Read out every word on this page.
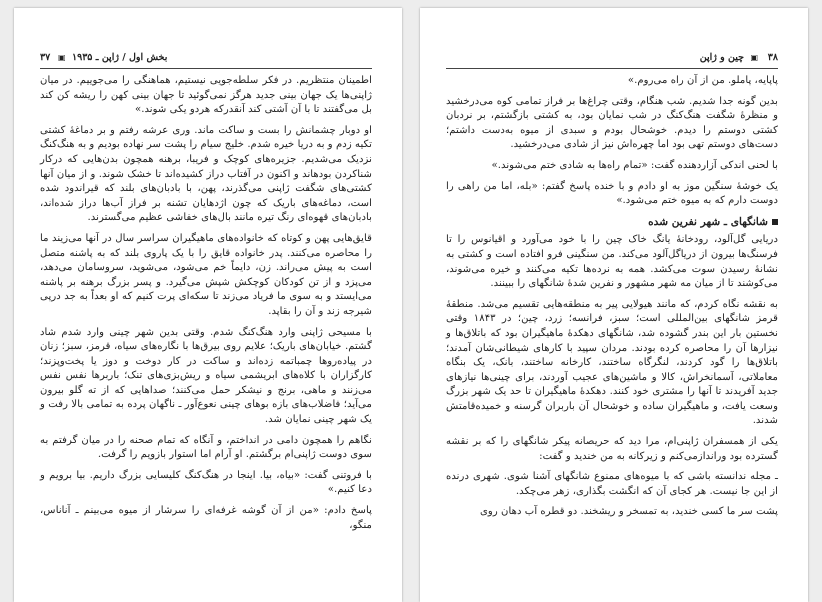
۳۷ ▣ بخش اول / ژاپن ـ ۱۹۳۵

اطمینان منتظریم. در فکر سلطه‌جویی نیستیم، هماهنگی را می‌جوییم. در میان ژاپنی‌ها یک جهان بینی جدید هرگز نمی‌گوئید تا جهان بینی کهن را ریشه کن کند بل می‌گفتند تا با آن آشتی کند آنقدرکه هردو یکی شوند.»

او دوبار چشمانش را بست و ساکت ماند. وری عرشه رفتم و بر دماغهٔ کشتی تکیه زدم و به دریا خیره شدم. خلیج سیام را پشت سر نهاده بودیم و به هنگ‌کنگ نزدیک می‌شدیم. جزیره‌های کوچک و فریبا، برهنه همچون بدن‌هایی که درکار شناکردن بودهاند و اکنون در آفتاب دراز کشیده‌اند تا خشک شوند. و از میان آنها کشتی‌های شگفت ژاپنی می‌گذرند، پهن، با بادبان‌های بلند که قیراندود شده است، دماغه‌های باریک که چون اژدهایان تشنه بر فراز آب‌ها دراز شده‌اند، بادبان‌های قهوه‌ای رنگ تیره مانند بال‌های خفاشی عظیم می‌گسترند.

قایق‌هایی پهن و کوتاه که خانواده‌های ماهیگیران سراسر سال در آنها می‌زیند ما را محاصره می‌کنند. پدر خانواده قایق را با یک پاروی بلند که به پاشنه متصل است به پیش می‌راند. زن، دایماً خم می‌شود، می‌شوید، سروسامان می‌دهد، می‌پزد و از تن کودکان کوچکش شپش می‌گیرد. و پسر بزرگ برهنه بر پاشنه می‌ایستد و به سوی ما فریاد می‌زند تا سکه‌ای پرت کنیم که او بعداً به جد درپی شیرجه زند و آن را بقاپد.

با مسیحی ژاپنی وارد هنگ‌کنگ شدم. وقتی بدین شهر چینی وارد شدم شاد گشتم. خیابان‌های باریک؛ علایم روی بیرق‌ها با نگاره‌های سیاه، قرمز، سبز؛ زنان در پیاده‌روها چمباتمه زده‌اند و ساکت در کار دوخت و دوز یا پخت‌وپزند؛ کارگزاران با کلاه‌های ابریشمی سیاه و ریش‌بزی‌های تنک؛ باربرها نفس نفس می‌زنند و ماهی، برنج و نیشکر حمل می‌کنند؛ صداهایی که از ته گلو بیرون می‌آید؛ فاضلاب‌های بازه بوهای چینی نعوع‌آور ـ ناگهان پرده به تمامی بالا رفت و یک شهر چینی نمایان شد.

نگاهم را همچون دامی در انداختم، و آنگاه که تمام صحنه را در میان گرفتم به سوی دوست ژاپنی‌ام برگشتم. او آرام اما استوار بازویم را گرفت.

با فروتنی گفت: «بیاه، بیا. اینجا در هنگ‌کنگ کلیسایی بزرگ داریم. بیا برویم و دعا کنیم.»

پاسخ دادم: «من از آن گوشه غرفه‌ای را سرشار از میوه می‌بینم ـ آناناس، منگو،

۳۸
▣
چین و ژاپن

پاپایه، پاملو. من از آن راه می‌روم.»

بدین گونه جدا شدیم. شب هنگام، وقتی چراغ‌ها بر فراز تمامی کوه می‌درخشید و منظرهٔ شگفت هنگ‌کنگ در شب نمایان بود، به کشتی بازگشتم، بر نردبان کشتی دوستم را دیدم. خوشحال بودم و سبدی از میوه به‌دست داشتم؛ دست‌های دوستم تهی بود اما چهره‌اش نیز از شادی می‌درخشید.

با لحنی اندکی آزاردهنده گفت: «تمام راه‌ها به شادی ختم می‌شوند.»

یک خوشهٔ سنگین موز به او دادم و با خنده پاسخ گفتم: «بله، اما من راهی را دوست دارم که به میوه ختم می‌شود.»

شانگهای ـ شهر نفرین شده

دریایی گل‌آلود، رودخانهٔ یانگ خاک چین را با خود می‌آورد و اقیانوس را تا فرسنگ‌ها بیرون از دریاگل‌آلود می‌کند. من سنگینی فرو افتاده است و کشتی به نشانهٔ رسیدن سوت می‌کشد. همه به نرده‌ها تکیه می‌کنند و خیره می‌شوند، می‌کوشند تا از میان مه شهر مشهور و نفرین شدهٔ شانگهای را ببینند.

به نقشه نگاه کردم، که مانند هیولایی پیر به منطقه‌هایی تقسیم می‌شد. منطقهٔ قرمز شانگهای بین‌المللی است؛ سبز، فرانسه؛ زرد، چین؛ در ۱۸۴۳ وقتی نخستین بار این بندر گشوده شد، شانگهای دهکدهٔ ماهیگیران بود که باتلاق‌ها و نیزارها آن را محاصره کرده بودند. مردان سپید با کارهای شیطانی‌شان آمدند؛ باتلاق‌ها را گود کردند، لنگرگاه ساختند، کارخانه ساختند، بانک، یک بنگاه معاملاتی، آسمانخراش، کالا و ماشین‌های عجیب آوردند، برای چینی‌ها نیازهای جدید آفریدند تا آنها را مشتری خود کنند. دهکدهٔ ماهیگیران تا حد یک شهر بزرگ وسعت یافت، و ماهیگیران ساده و خوشحال آن باربران گرسنه و خمیده‌قامتش شدند.

یکی از همسفران ژاپنی‌ام، مرا دید که حریصانه پیکر شانگهای را که بر نقشه گسترده بود وراندازمی‌کنم و زیرکانه به من خندید و گفت:

ـ مجله ندانسته باشی که با میوه‌های ممنوع شانگهای آشنا شوی. شهری درنده از این جا نیست. هر کجای آن که انگشت بگذاری، زهر می‌چکد.

پشت سر ما کسی خندید، به تمسخر و ریشخند. دو قطره آب دهان روی
